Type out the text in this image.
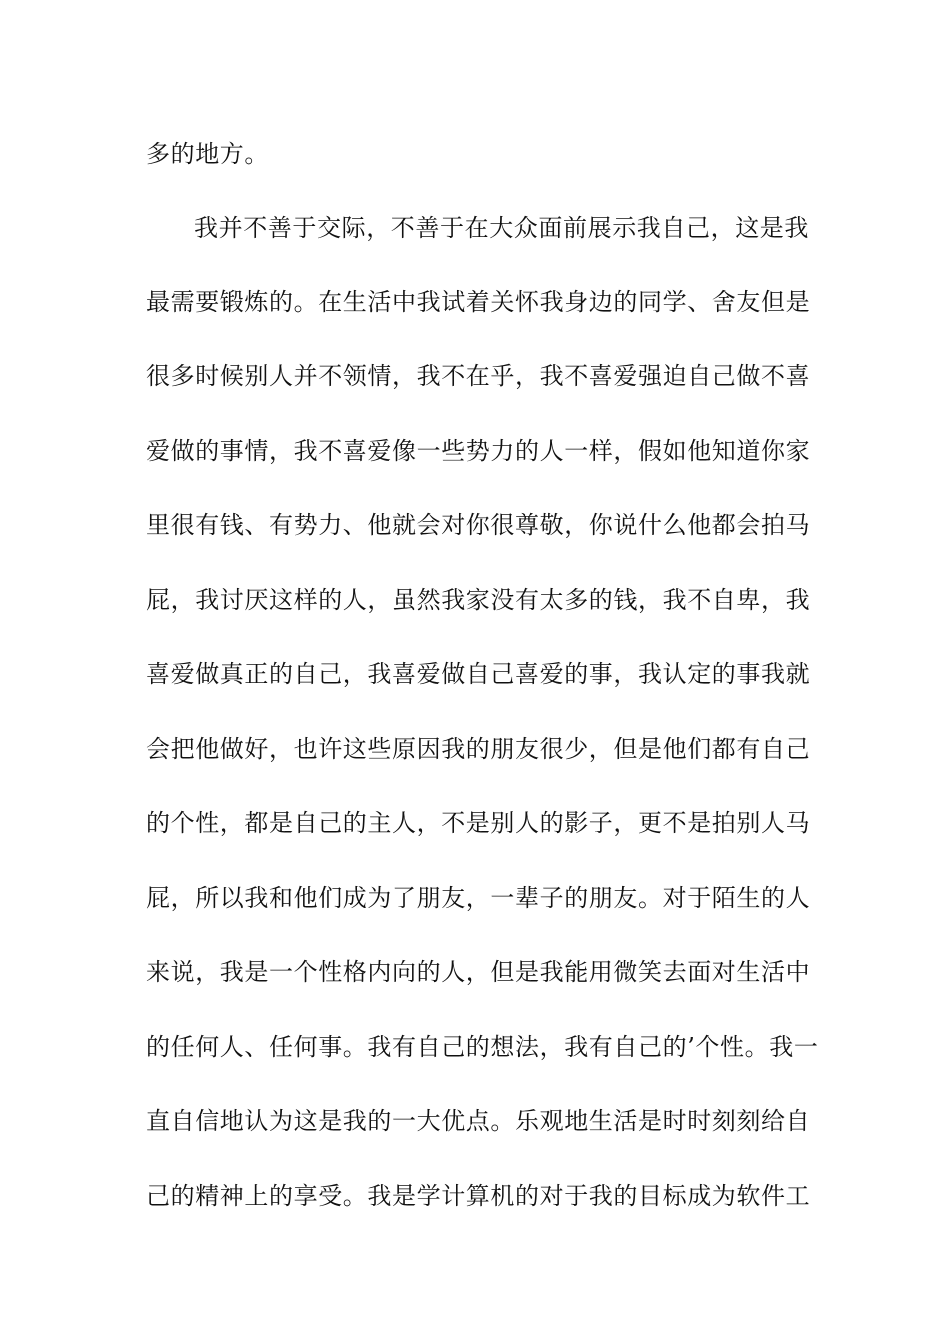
多的地方。
我并不善于交际，不善于在大众面前展示我自己，这是我
最需要锻炼的。在生活中我试着关怀我身边的同学、舍友但是
很多时候别人并不领情，我不在乎，我不喜爱强迫自己做不喜
爱做的事情，我不喜爱像一些势力的人一样，假如他知道你家
里很有钱、有势力、他就会对你很尊敬，你说什么他都会拍马
屁，我讨厌这样的人，虽然我家没有太多的钱，我不自卑，我
喜爱做真正的自己，我喜爱做自己喜爱的事，我认定的事我就
会把他做好，也许这些原因我的朋友很少，但是他们都有自己
的个性，都是自己的主人，不是别人的影子，更不是拍别人马
屁，所以我和他们成为了朋友，一辈子的朋友。对于陌生的人
来说，我是一个性格内向的人，但是我能用微笑去面对生活中
的任何人、任何事。我有自己的想法，我有自己的’个性。我一
直自信地认为这是我的一大优点。乐观地生活是时时刻刻给自
己的精神上的享受。我是学计算机的对于我的目标成为软件工
